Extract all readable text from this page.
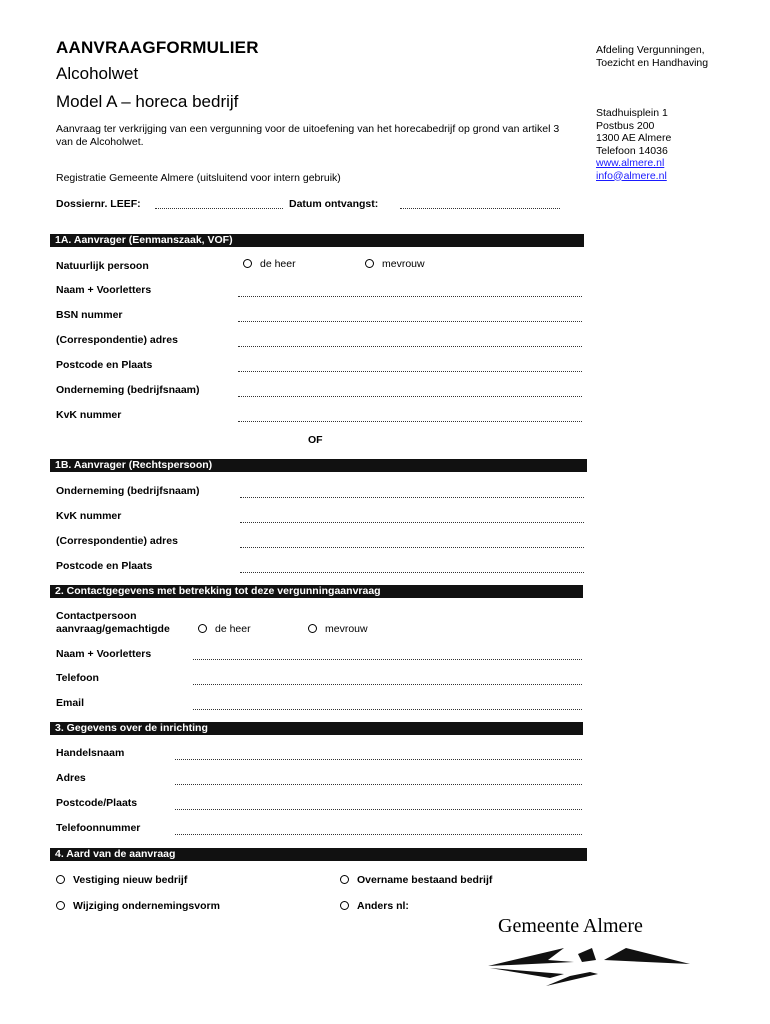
AANVRAAGFORMULIER
Alcoholwet
Model A – horeca bedrijf
Aanvraag ter verkrijging van een vergunning voor de uitoefening van het horecabedrijf op grond van artikel 3 van de Alcoholwet.
Registratie Gemeente Almere (uitsluitend voor intern gebruik)
Dossiernr. LEEF:	Datum ontvangst:
Afdeling Vergunningen,
Toezicht en Handhaving
Stadhuisplein 1
Postbus 200
1300 AE Almere
Telefoon 14036
www.almere.nl
info@almere.nl
1A. Aanvrager (Eenmanszaak, VOF)
Natuurlijk persoon	de heer	mevrouw
Naam + Voorletters
BSN nummer
(Correspondentie) adres
Postcode en Plaats
Onderneming (bedrijfsnaam)
KvK nummer
OF
1B. Aanvrager (Rechtspersoon)
Onderneming (bedrijfsnaam)
KvK nummer
(Correspondentie) adres
Postcode en Plaats
2. Contactgegevens met betrekking tot deze vergunningaanvraag
Contactpersoon
aanvraag/gemachtigde	de heer	mevrouw
Naam + Voorletters
Telefoon
Email
3. Gegevens over de inrichting
Handelsnaam
Adres
Postcode/Plaats
Telefoonnummer
4. Aard van de aanvraag
Vestiging nieuw bedrijf	Overname bestaand bedrijf
Wijziging ondernemingsvorm	Anders nl:
Gemeente Almere
